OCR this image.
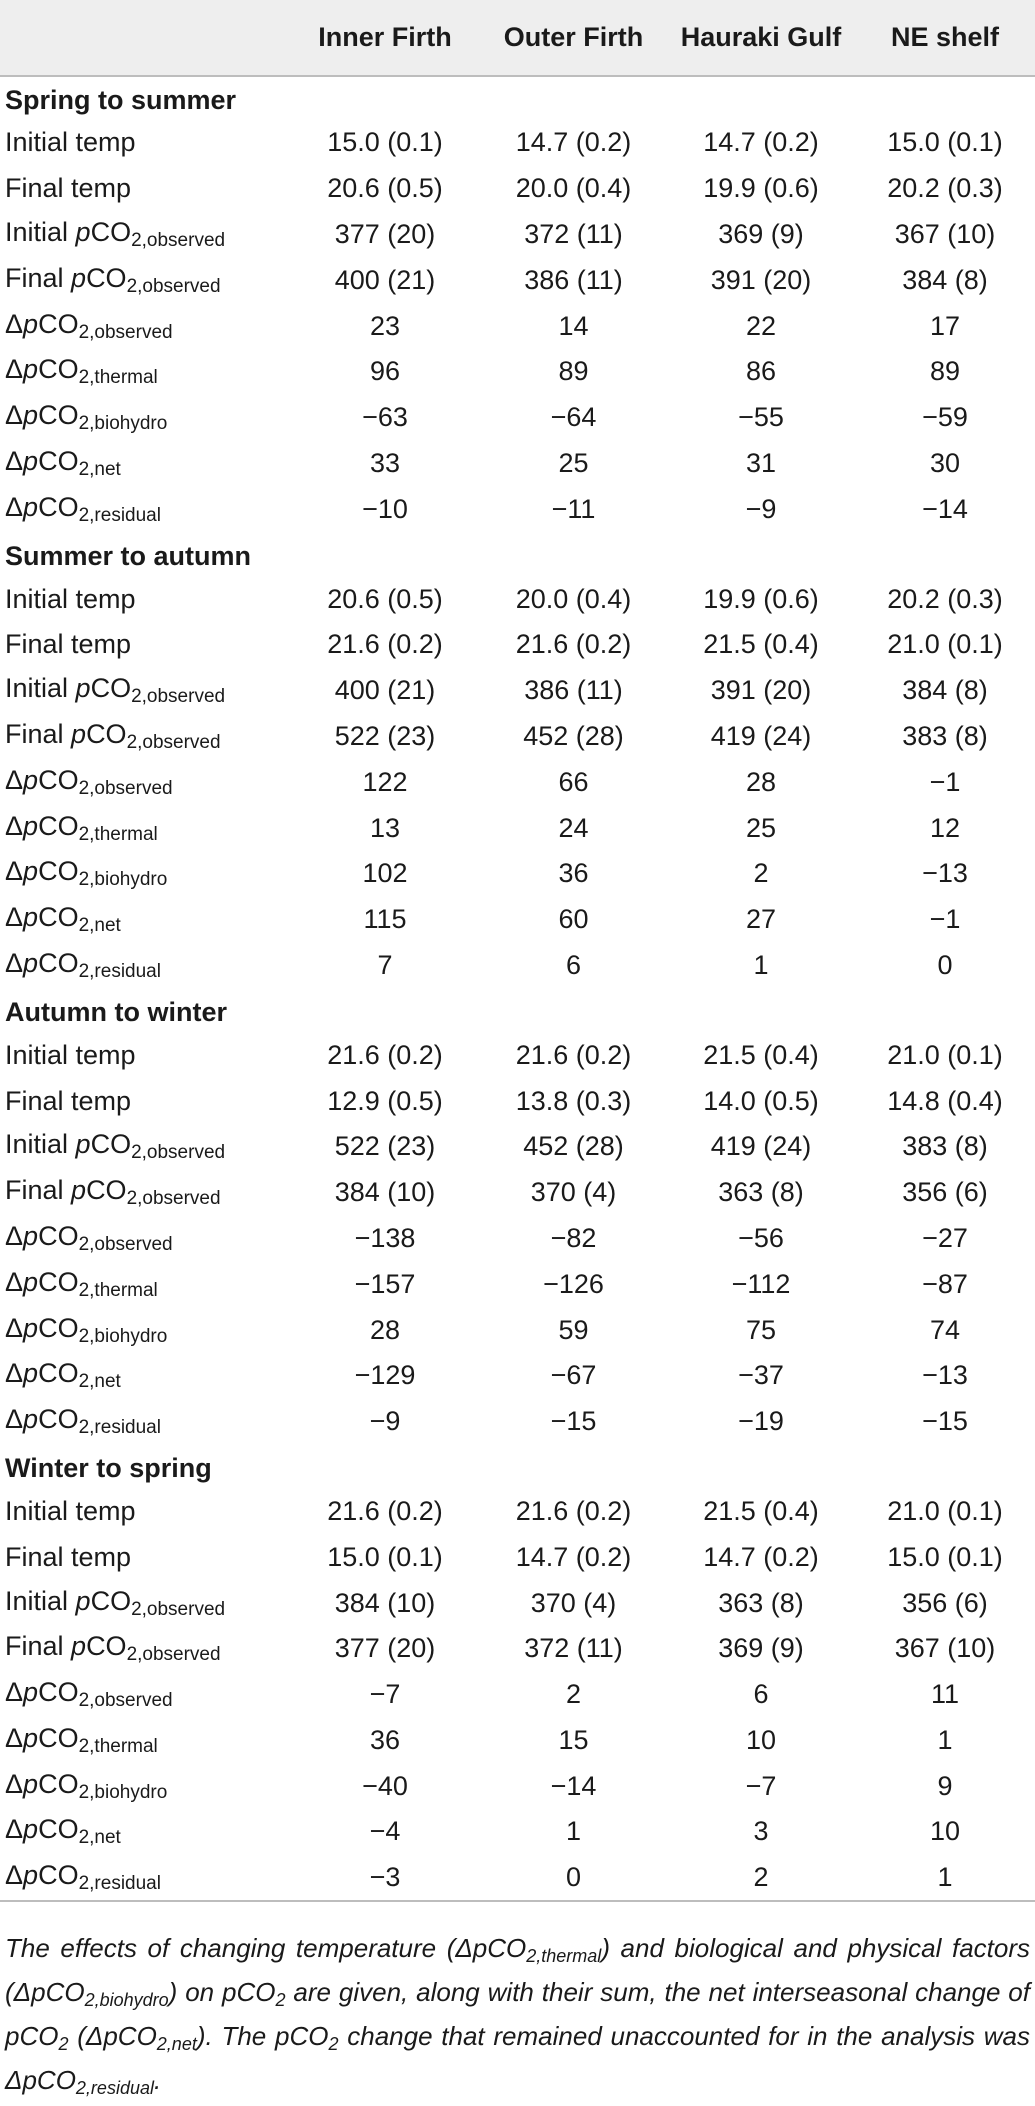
	Inner Firth	Outer Firth	Hauraki Gulf	NE shelf
Spring to summer				
Initial temp	15.0 (0.1)	14.7 (0.2)	14.7 (0.2)	15.0 (0.1)
Final temp	20.6 (0.5)	20.0 (0.4)	19.9 (0.6)	20.2 (0.3)
Initial pCO$_{2,observed}$	377 (20)	372 (11)	369 (9)	367 (10)
Final pCO$_{2,observed}$	400 (21)	386 (11)	391 (20)	384 (8)
ΔpCO$_{2,observed}$	23	14	22	17
ΔpCO$_{2,thermal}$	96	89	86	89
ΔpCO$_{2,biohydro}$	−63	−64	−55	−59
ΔpCO$_{2,net}$	33	25	31	30
ΔpCO$_{2,residual}$	−10	−11	−9	−14
Summer to autumn				
Initial temp	20.6 (0.5)	20.0 (0.4)	19.9 (0.6)	20.2 (0.3)
Final temp	21.6 (0.2)	21.6 (0.2)	21.5 (0.4)	21.0 (0.1)
Initial pCO$_{2,observed}$	400 (21)	386 (11)	391 (20)	384 (8)
Final pCO$_{2,observed}$	522 (23)	452 (28)	419 (24)	383 (8)
ΔpCO$_{2,observed}$	122	66	28	−1
ΔpCO$_{2,thermal}$	13	24	25	12
ΔpCO$_{2,biohydro}$	102	36	2	−13
ΔpCO$_{2,net}$	115	60	27	−1
ΔpCO$_{2,residual}$	7	6	1	0
Autumn to winter				
Initial temp	21.6 (0.2)	21.6 (0.2)	21.5 (0.4)	21.0 (0.1)
Final temp	12.9 (0.5)	13.8 (0.3)	14.0 (0.5)	14.8 (0.4)
Initial pCO$_{2,observed}$	522 (23)	452 (28)	419 (24)	383 (8)
Final pCO$_{2,observed}$	384 (10)	370 (4)	363 (8)	356 (6)
ΔpCO$_{2,observed}$	−138	−82	−56	−27
ΔpCO$_{2,thermal}$	−157	−126	−112	−87
ΔpCO$_{2,biohydro}$	28	59	75	74
ΔpCO$_{2,net}$	−129	−67	−37	−13
ΔpCO$_{2,residual}$	−9	−15	−19	−15
Winter to spring				
Initial temp	21.6 (0.2)	21.6 (0.2)	21.5 (0.4)	21.0 (0.1)
Final temp	15.0 (0.1)	14.7 (0.2)	14.7 (0.2)	15.0 (0.1)
Initial pCO$_{2,observed}$	384 (10)	370 (4)	363 (8)	356 (6)
Final pCO$_{2,observed}$	377 (20)	372 (11)	369 (9)	367 (10)
ΔpCO$_{2,observed}$	−7	2	6	11
ΔpCO$_{2,thermal}$	36	15	10	1
ΔpCO$_{2,biohydro}$	−40	−14	−7	9
ΔpCO$_{2,net}$	−4	1	3	10
ΔpCO$_{2,residual}$	−3	0	2	1
The effects of changing temperature (ΔpCO$_{2,thermal}$) and biological and physical factors (ΔpCO$_{2,biohydro}$) on pCO$_2$ are given, along with their sum, the net interseasonal change of pCO$_2$ (ΔpCO$_{2,net}$). The pCO$_2$ change that remained unaccounted for in the analysis was ΔpCO$_{2,residual}$.
